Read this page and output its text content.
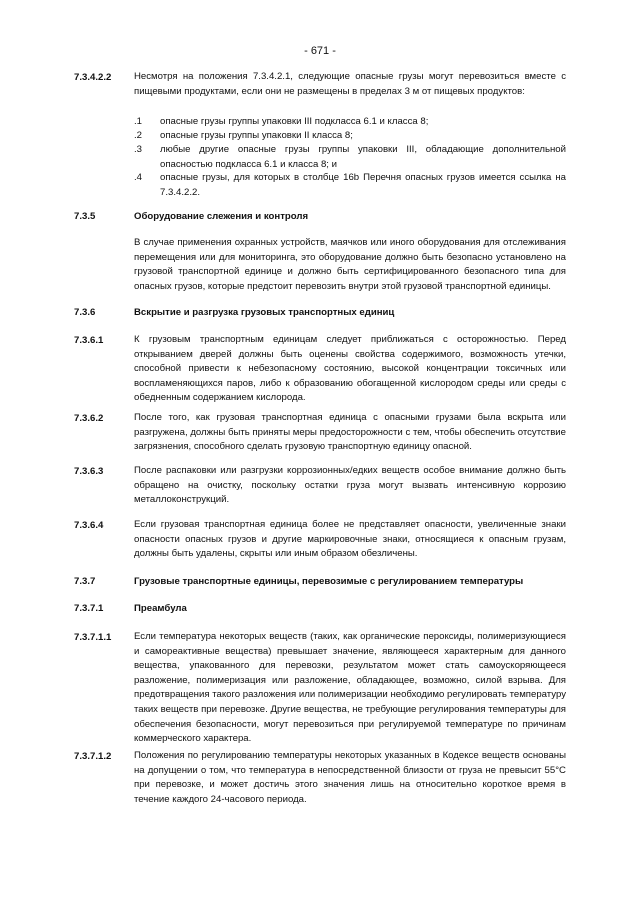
- 671 -
7.3.4.2.2 Несмотря на положения 7.3.4.2.1, следующие опасные грузы могут перевозиться вместе с пищевыми продуктами, если они не размещены в пределах 3 м от пищевых продуктов:
.1	опасные грузы группы упаковки III подкласса 6.1 и класса 8;
.2	опасные грузы группы упаковки II класса 8;
.3	любые другие опасные грузы группы упаковки III, обладающие дополнительной опасностью подкласса 6.1 и класса 8; и
.4	опасные грузы, для которых в столбце 16b Перечня опасных грузов имеется ссылка на 7.3.4.2.2.
7.3.5	Оборудование слежения и контроля
В случае применения охранных устройств, маячков или иного оборудования для отслеживания перемещения или для мониторинга, это оборудование должно быть безопасно установлено на грузовой транспортной единице и должно быть сертифицированного безопасного типа для опасных грузов, которые предстоит перевозить внутри этой грузовой транспортной единицы.
7.3.6	Вскрытие и разгрузка грузовых транспортных единиц
7.3.6.1	К грузовым транспортным единицам следует приближаться с осторожностью. Перед открыванием дверей должны быть оценены свойства содержимого, возможность утечки, способной привести к небезопасному состоянию, высокой концентрации токсичных или воспламеняющихся паров, либо к образованию обогащенной кислородом среды или среды с обедненным содержанием кислорода.
7.3.6.2	После того, как грузовая транспортная единица с опасными грузами была вскрыта или разгружена, должны быть приняты меры предосторожности с тем, чтобы обеспечить отсутствие загрязнения, способного сделать грузовую транспортную единицу опасной.
7.3.6.3	После распаковки или разгрузки коррозионных/едких веществ особое внимание должно быть обращено на очистку, поскольку остатки груза могут вызвать интенсивную коррозию металлоконструкций.
7.3.6.4	Если грузовая транспортная единица более не представляет опасности, увеличенные знаки опасности опасных грузов и другие маркировочные знаки, относящиеся к опасным грузам, должны быть удалены, скрыты или иным образом обезличены.
7.3.7	Грузовые транспортные единицы, перевозимые с регулированием температуры
7.3.7.1	Преамбула
7.3.7.1.1 Если температура некоторых веществ (таких, как органические пероксиды, полимеризующиеся и самореактивные вещества) превышает значение, являющееся характерным для данного вещества, упакованного для перевозки, результатом может стать самоускоряющееся разложение, полимеризация или разложение, обладающее, возможно, силой взрыва. Для предотвращения такого разложения или полимеризации необходимо регулировать температуру таких веществ при перевозке. Другие вещества, не требующие регулирования температуры для обеспечения безопасности, могут перевозиться при регулируемой температуре по причинам коммерческого характера.
7.3.7.1.2 Положения по регулированию температуры некоторых указанных в Кодексе веществ основаны на допущении о том, что температура в непосредственной близости от груза не превысит 55°C при перевозке, и может достичь этого значения лишь на относительно короткое время в течение каждого 24-часового периода.
